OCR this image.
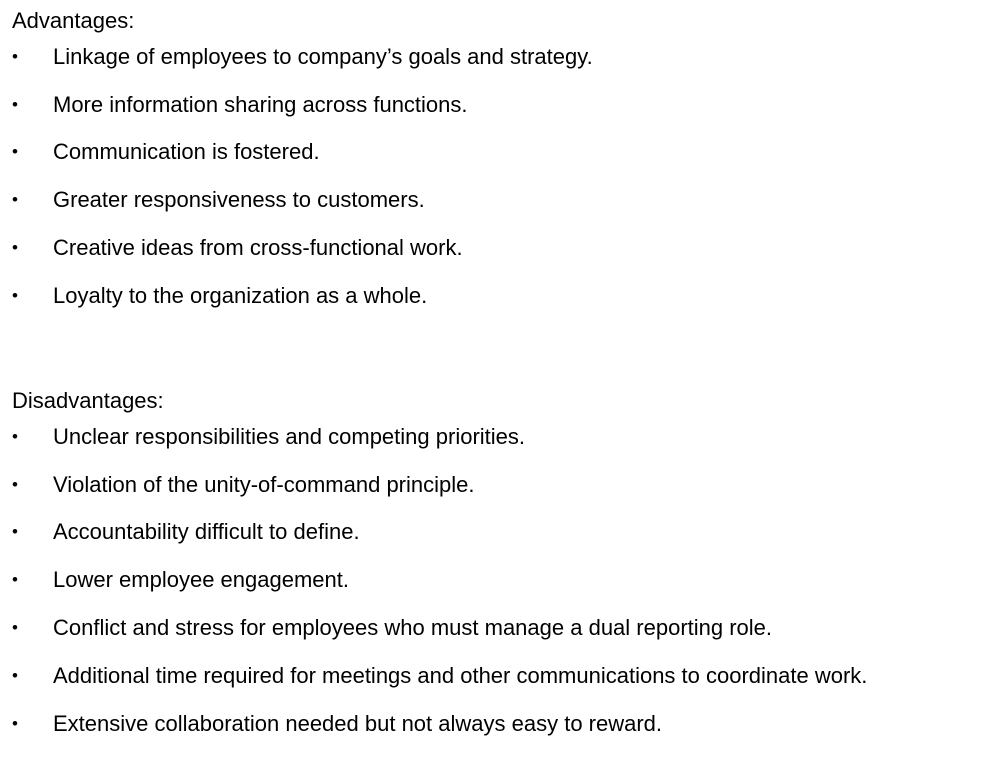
Advantages:
• Linkage of employees to company’s goals and strategy.
• More information sharing across functions.
• Communication is fostered.
• Greater responsiveness to customers.
• Creative ideas from cross-functional work.
• Loyalty to the organization as a whole.
Disadvantages:
• Unclear responsibilities and competing priorities.
• Violation of the unity-of-command principle.
• Accountability difficult to define.
• Lower employee engagement.
• Conflict and stress for employees who must manage a dual reporting role.
• Additional time required for meetings and other communications to coordinate work.
• Extensive collaboration needed but not always easy to reward.
